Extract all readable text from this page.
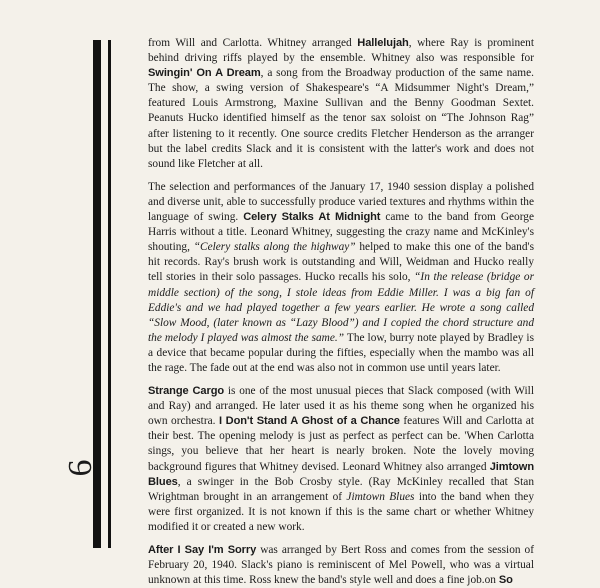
6

from Will and Carlotta. Whitney arranged Hallelujah, where Ray is prominent behind driving riffs played by the ensemble. Whitney also was responsible for Swingin' On A Dream, a song from the Broadway production of the same name. The show, a swing version of Shakespeare's “A Midsummer Night's Dream,” featured Louis Armstrong, Maxine Sullivan and the Benny Goodman Sextet. Peanuts Hucko identified himself as the tenor sax soloist on “The Johnson Rag” after listening to it recently. One source credits Fletcher Henderson as the arranger but the label credits Slack and it is consistent with the latter's work and does not sound like Fletcher at all.

The selection and performances of the January 17, 1940 session display a polished and diverse unit, able to successfully produce varied textures and rhythms within the language of swing. Celery Stalks At Midnight came to the band from George Harris without a title. Leonard Whitney, suggesting the crazy name and McKinley's shouting, “Celery stalks along the highway” helped to make this one of the band's hit records. Ray's brush work is outstanding and Will, Weidman and Hucko really tell stories in their solo passages. Hucko recalls his solo, “In the release (bridge or middle section) of the song, I stole ideas from Eddie Miller. I was a big fan of Eddie's and we had played together a few years earlier. He wrote a song called “Slow Mood, (later known as “Lazy Blood”) and I copied the chord structure and the melody I played was almost the same.” The low, burry note played by Bradley is a device that became popular during the fifties, especially when the mambo was all the rage. The fade out at the end was also not in common use until years later.

Strange Cargo is one of the most unusual pieces that Slack composed (with Will and Ray) and arranged. He later used it as his theme song when he organized his own orchestra. I Don't Stand A Ghost of a Chance features Will and Carlotta at their best. The opening melody is just as perfect as perfect can be. 'When Carlotta sings, you believe that her heart is nearly broken. Note the lovely moving background figures that Whitney devised. Leonard Whitney also arranged Jimtown Blues, a swinger in the Bob Crosby style. (Ray McKinley recalled that Stan Wrightman brought in an arrangement of Jimtown Blues into the band when they were first organized. It is not known if this is the same chart or whether Whitney modified it or created a new work.

After I Say I'm Sorry was arranged by Bert Ross and comes from the session of February 20, 1940. Slack's piano is reminiscent of Mel Powell, who was a virtual unknown at this time. Ross knew the band's style well and does a fine job.on So
